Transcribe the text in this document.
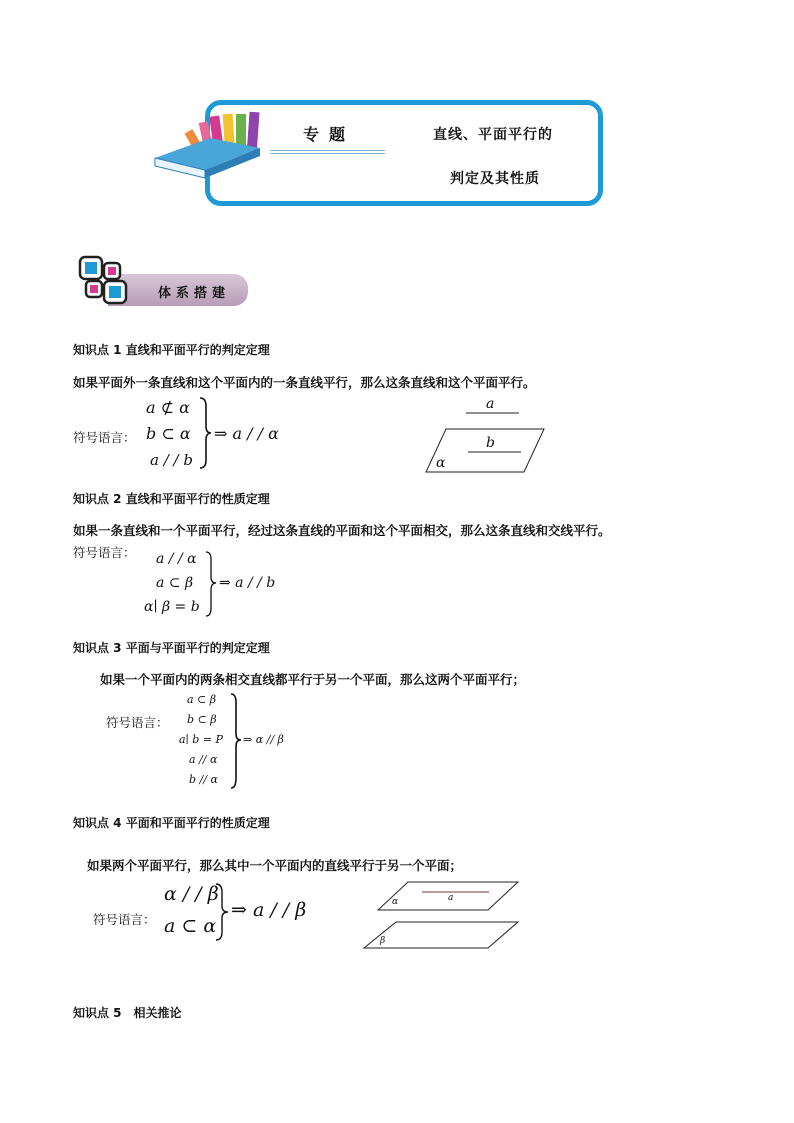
专题	直线、平面平行的
判定及其性质
体系搭建
知识点 1 直线和平面平行的判定定理
如果平面外一条直线和这个平面内的一条直线平行，那么这条直线和这个平面平行。
符号语言：
a ⊄ α
b ⊂ α
a / / b
⇒ a / / α
a
b
α
知识点 2 直线和平面平行的性质定理
如果一条直线和一个平面平行，经过这条直线的平面和这个平面相交，那么这条直线和交线平行。
符号语言： a / / α
a ⊂ β
α∣ β = b
⇒ a / / b
知识点 3 平面与平面平行的判定定理
如果一个平面内的两条相交直线都平行于另一个平面，那么这两个平面平行；
符号语言：
a ⊂ β
b ⊂ β
a∣ b = P
a // α
b // α
⇒ α // β
知识点 4 平面和平面平行的性质定理
如果两个平面平行，那么其中一个平面内的直线平行于另一个平面；
符号语言：
α / / β
a ⊂ α
⇒ a / / β	α	a
β
知识点 5　相关推论
